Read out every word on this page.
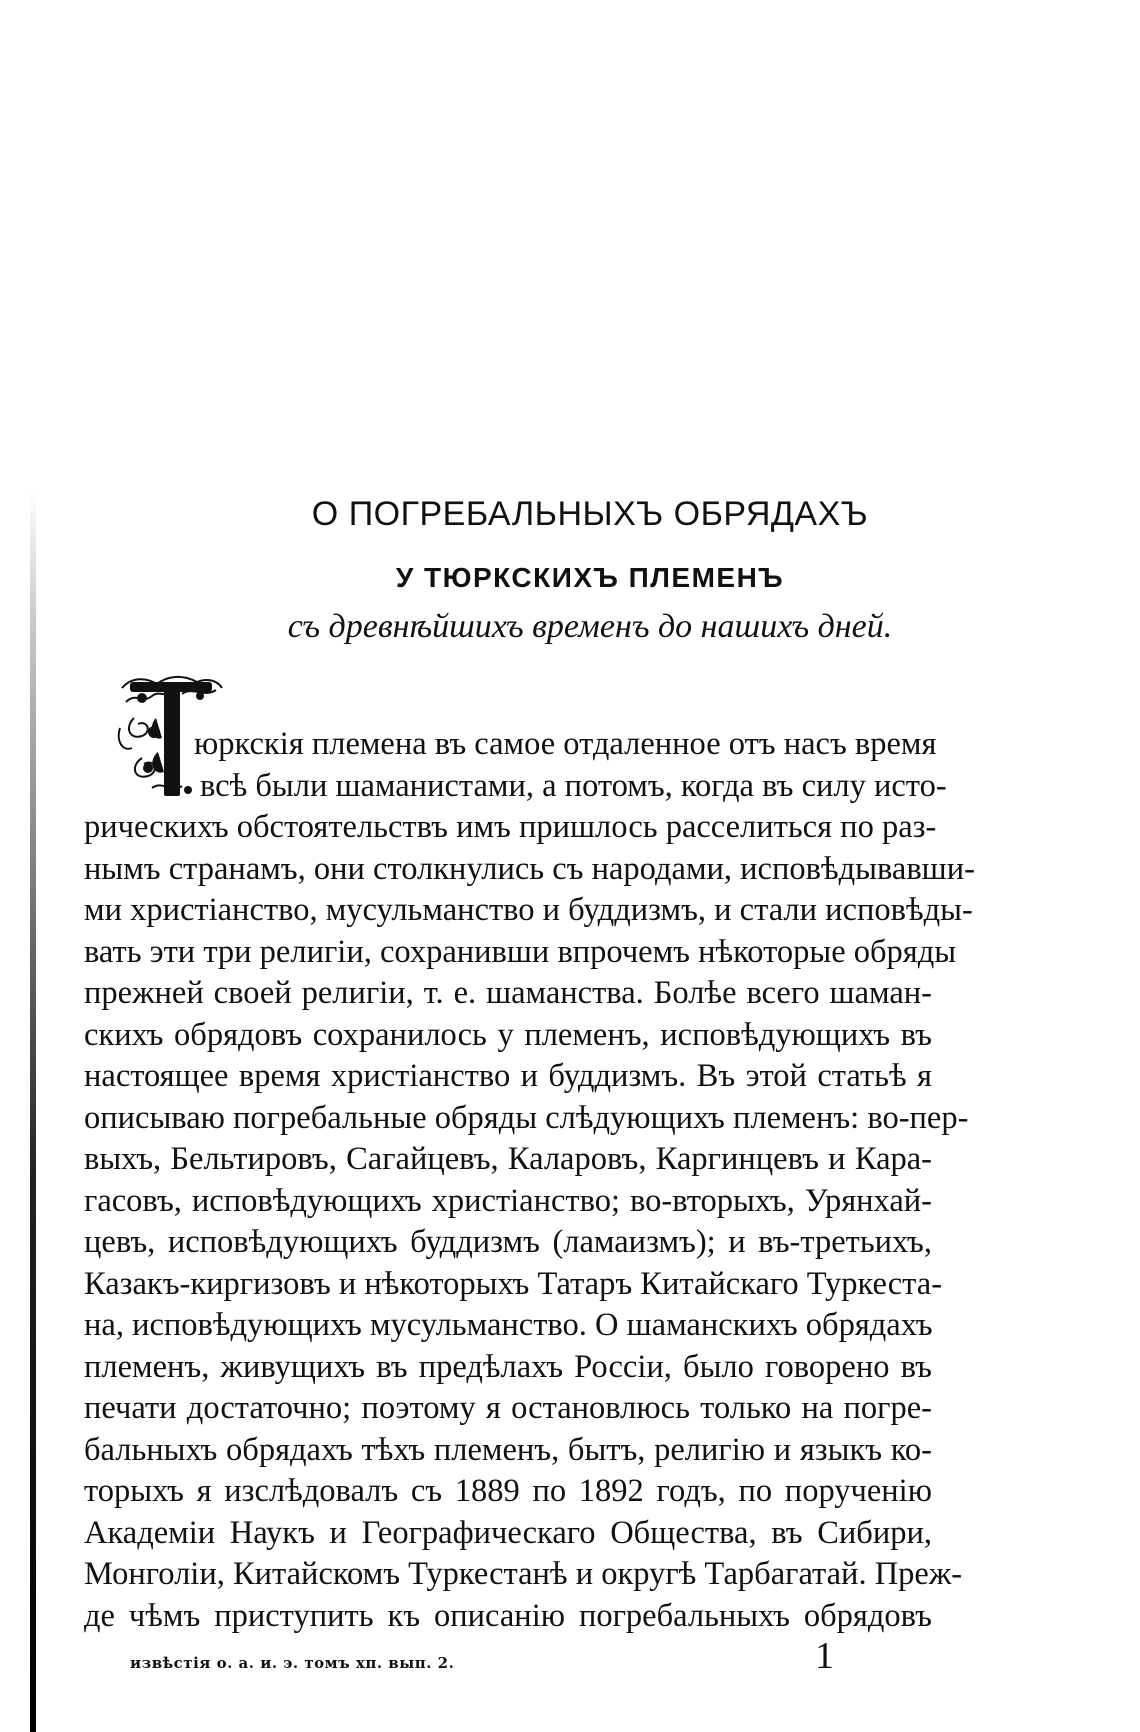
О ПОГРЕБАЛЬНЫХЪ ОБРЯДАХЪ
У ТЮРКСКИХЪ ПЛЕМЕНЪ
съ древнѣйшихъ временъ до нашихъ дней.
юркскія племена въ самое отдаленное отъ насъ время
всѣ были шаманистами, а потомъ, когда въ силу исто-
рическихъ обстоятельствъ имъ пришлось расселиться по раз-
нымъ странамъ, они столкнулись съ народами, исповѣдывавши-
ми христіанство, мусульманство и буддизмъ, и стали исповѣды-
вать эти три религіи, сохранивши впрочемъ нѣкоторые обряды
прежней своей религіи, т. е. шаманства. Болѣе всего шаман-
скихъ обрядовъ сохранилось у племенъ, исповѣдующихъ въ
настоящее время христіанство и буддизмъ. Въ этой статьѣ я
описываю погребальные обряды слѣдующихъ племенъ: во-пер-
выхъ, Бельтировъ, Сагайцевъ, Каларовъ, Каргинцевъ и Кара-
гасовъ, исповѣдующихъ христіанство; во-вторыхъ, Урянхай-
цевъ, исповѣдующихъ буддизмъ (ламаизмъ); и въ-третьихъ,
Казакъ-киргизовъ и нѣкоторыхъ Татаръ Китайскаго Туркеста-
на, исповѣдующихъ мусульманство. О шаманскихъ обрядахъ
племенъ, живущихъ въ предѣлахъ Россіи, было говорено въ
печати достаточно; поэтому я остановлюсь только на погре-
бальныхъ обрядахъ тѣхъ племенъ, бытъ, религію и языкъ ко-
торыхъ я изслѣдовалъ съ 1889 по 1892 годъ, по порученію
Академіи Наукъ и Географическаго Общества, въ Сибири,
Монголіи, Китайскомъ Туркестанѣ и округѣ Тарбагатай. Преж-
де чѣмъ приступить къ описанію погребальныхъ обрядовъ
извѣстія о. а. и. э. томъ хп. вып. 2.	1
